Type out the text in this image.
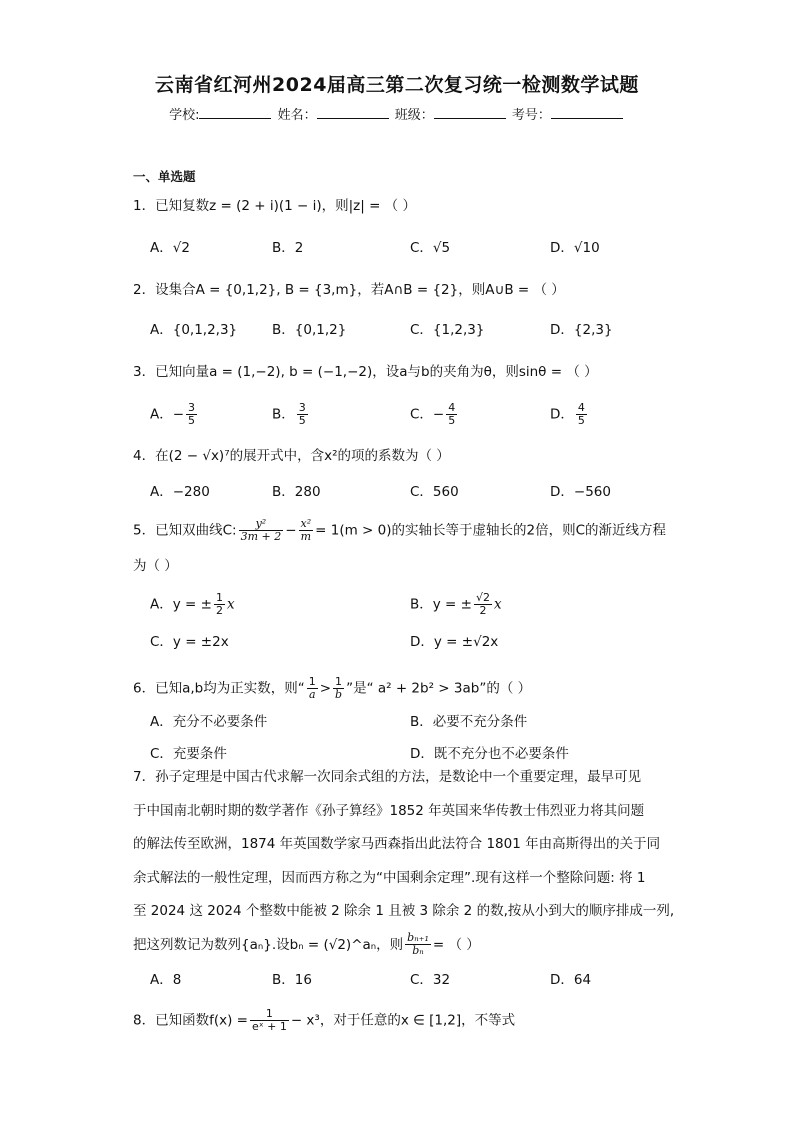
云南省红河州2024届高三第二次复习统一检测数学试题
学校:	姓名：	班级：	考号：
一、单选题
1．已知复数z = (2 + i)(1 − i)，则|z| = （ ）
A．√2	B．2	C．√5	D．√10
2．设集合A = {0,1,2}, B = {3,m}，若A∩B = {2}，则A∪B = （ ）
A．{0,1,2,3}	B．{0,1,2}	C．{1,2,3}	D．{2,3}
3．已知向量a = (1,−2), b = (−1,−2)，设a与b的夹角为θ，则sinθ = （ ）
A．− $\frac{3}{5}$	B． $\frac{3}{5}$	C．− $\frac{4}{5}$	D． $\frac{4}{5}$
4．在(2 − √x)⁷的展开式中，含x²的项的系数为（ ）
A．−280	B．280	C．560	D．−560
5．已知双曲线C: $\frac{\text{y²}}{3m + 2} - \frac{\text{x²}}{m} = 1(m > 0)$的实轴长等于虚轴长的2倍，则C的渐近线方程
为（ ）
A．y = ± $\frac{1}{2}$ x	B．y = ± $\frac{√2}{2}$ x
C．y = ±2x	D．y = ±√2x
6．已知a,b均为正实数，则“ $\frac{1}{a} > \frac{1}{b}$ ”是“ a² + 2b² > 3ab”的（ ）
A．充分不必要条件	B．必要不充分条件
C．充要条件	D．既不充分也不必要条件
7．孙子定理是中国古代求解一次同余式组的方法，是数论中一个重要定理，最早可见
于中国南北朝时期的数学著作《孙子算经》1852 年英国来华传教士伟烈亚力将其问题
的解法传至欧洲，1874 年英国数学家马西森指出此法符合 1801 年由高斯得出的关于同
余式解法的一般性定理，因而西方称之为“中国剩余定理”.现有这样一个整除问题: 将 1
至 2024 这 2024 个整数中能被 2 除余 1 且被 3 除余 2 的数,按从小到大的顺序排成一列,
把这列数记为数列{aₙ}.设bₙ = (√2)^aₙ，则 $\frac{\text{bₙ₊₁}}{\text{bₙ}}$ = （ ）
A．8	B．16	C．32	D．64
8．已知函数$f(x) = \frac{1}{\text{eˣ + 1}} - x^3$，对于任意的x ∈ [1,2]，不等式
